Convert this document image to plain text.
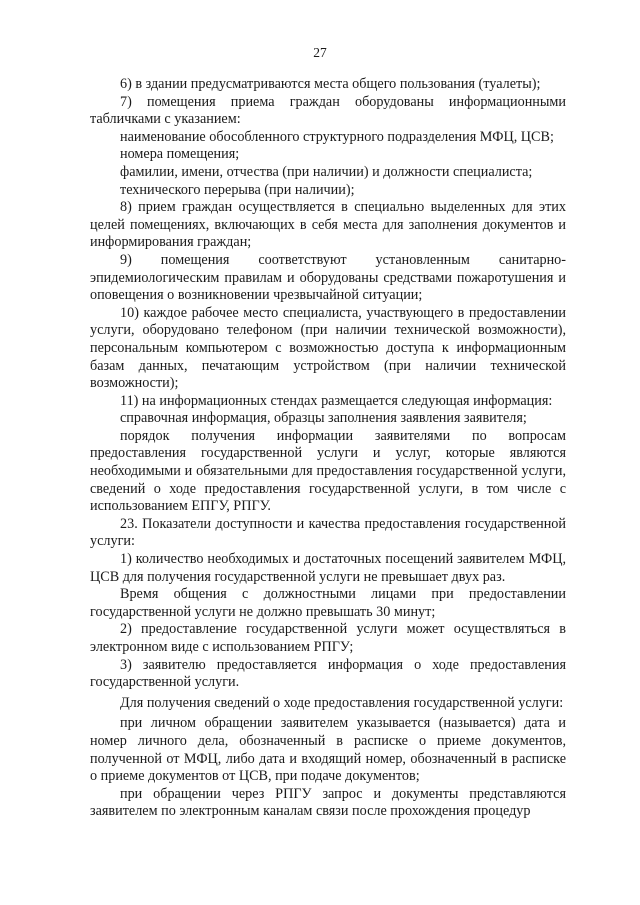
27

6) в здании предусматриваются места общего пользования (туалеты);

7) помещения приема граждан оборудованы информационными табличками с указанием:

наименование обособленного структурного подразделения МФЦ, ЦСВ;

номера помещения;

фамилии, имени, отчества (при наличии) и должности специалиста;

технического перерыва (при наличии);

8) прием граждан осуществляется в специально выделенных для этих целей помещениях, включающих в себя места для заполнения документов и информирования граждан;

9) помещения соответствуют установленным санитарно-эпидемиологическим правилам и оборудованы средствами пожаротушения и оповещения о возникновении чрезвычайной ситуации;

10) каждое рабочее место специалиста, участвующего в предоставлении услуги, оборудовано телефоном (при наличии технической возможности), персональным компьютером с возможностью доступа к информационным базам данных, печатающим устройством (при наличии технической возможности);

11) на информационных стендах размещается следующая информация:

справочная информация, образцы заполнения заявления заявителя;

порядок получения информации заявителями по вопросам предоставления государственной услуги и услуг, которые являются необходимыми и обязательными для предоставления государственной услуги, сведений о ходе предоставления государственной услуги, в том числе с использованием ЕПГУ, РПГУ.

23. Показатели доступности и качества предоставления государственной услуги:

1) количество необходимых и достаточных посещений заявителем МФЦ, ЦСВ для получения государственной услуги не превышает двух раз.

Время общения с должностными лицами при предоставлении государственной услуги не должно превышать 30 минут;

2) предоставление государственной услуги может осуществляться в электронном виде с использованием РПГУ;

3) заявителю предоставляется информация о ходе предоставления государственной услуги.

Для получения сведений о ходе предоставления государственной услуги:

при личном обращении заявителем указывается (называется) дата и номер личного дела, обозначенный в расписке о приеме документов, полученной от МФЦ, либо дата и входящий номер, обозначенный в расписке о приеме документов от ЦСВ, при подаче документов;

при обращении через РПГУ запрос и документы представляются заявителем по электронным каналам связи после прохождения процедур
